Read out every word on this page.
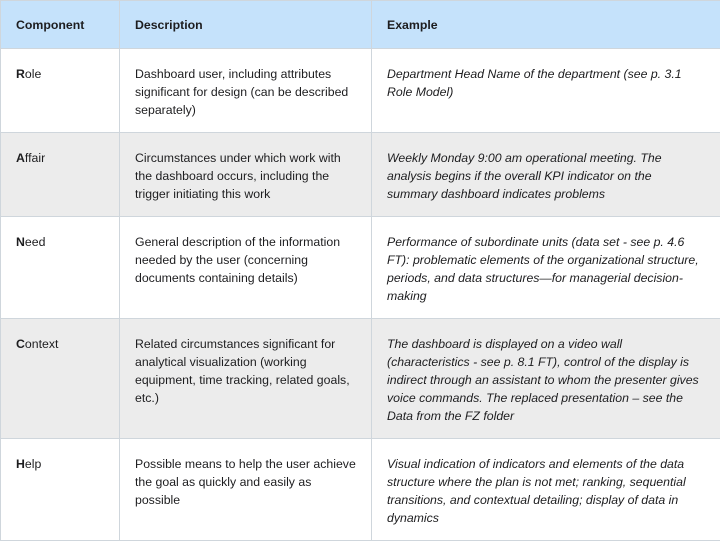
Component	Description	Example
Role	Dashboard user, including attributes significant for design (can be described separately)	Department Head Name of the department (see p. 3.1 Role Model)
Affair	Circumstances under which work with the dashboard occurs, including the trigger initiating this work	Weekly Monday 9:00 am operational meeting. The analysis begins if the overall KPI indicator on the summary dashboard indicates problems
Need	General description of the information needed by the user (concerning documents containing details)	Performance of subordinate units (data set - see p. 4.6 FT): problematic elements of the organizational structure, periods, and data structures—for managerial decision-making
Context	Related circumstances significant for analytical visualization (working equipment, time tracking, related goals, etc.)	The dashboard is displayed on a video wall (characteristics - see p. 8.1 FT), control of the display is indirect through an assistant to whom the presenter gives voice commands. The replaced presentation – see the Data from the FZ folder
Help	Possible means to help the user achieve the goal as quickly and easily as possible	Visual indication of indicators and elements of the data structure where the plan is not met; ranking, sequential transitions, and contextual detailing; display of data in dynamics
